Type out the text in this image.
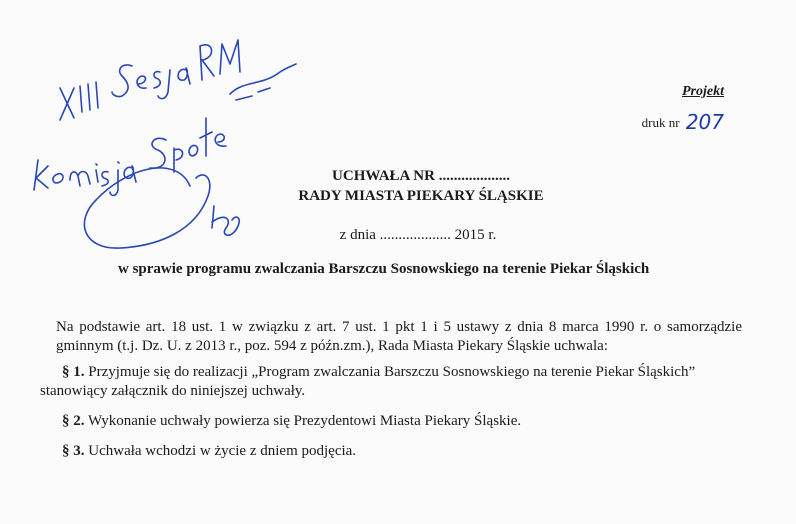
Projekt
druk nr 207
UCHWAŁA NR ...................
RADY MIASTA PIEKARY ŚLĄSKIE
z dnia ................... 2015 r.
w sprawie programu zwalczania Barszczu Sosnowskiego na terenie Piekar Śląskich
Na podstawie art. 18 ust. 1 w związku z art. 7 ust. 1 pkt 1 i 5 ustawy z dnia 8 marca 1990 r. o samorządzie
gminnym (t.j. Dz. U. z 2013 r., poz. 594 z późn.zm.), Rada Miasta Piekary Śląskie uchwala:
§ 1. Przyjmuje się do realizacji „Program zwalczania Barszczu Sosnowskiego na terenie Piekar Śląskich”
stanowiący załącznik do niniejszej uchwały.
§ 2. Wykonanie uchwały powierza się Prezydentowi Miasta Piekary Śląskie.
§ 3. Uchwała wchodzi w życie z dniem podjęcia.
